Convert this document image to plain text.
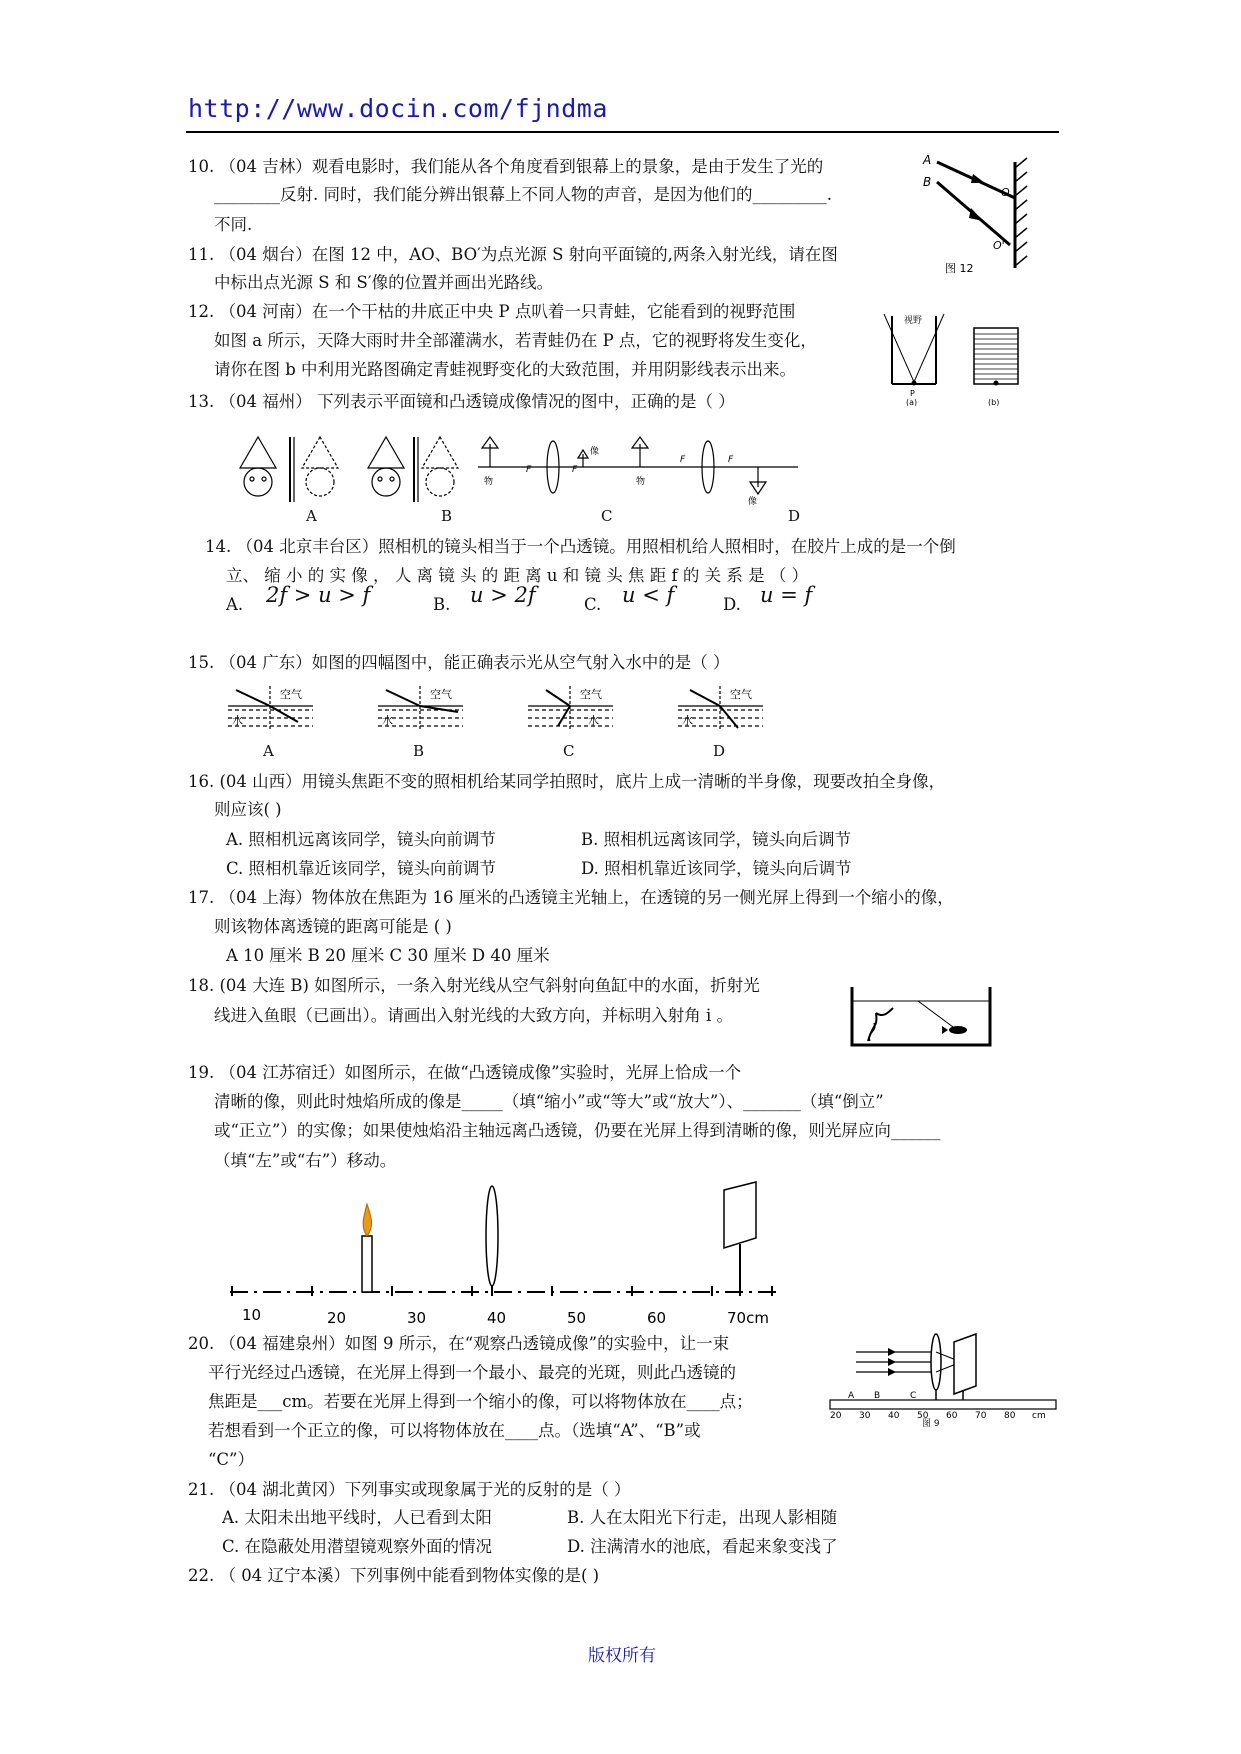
http://www.docin.com/fjndma
10. （04 吉林）观看电影时，我们能从各个角度看到银幕上的景象，是由于发生了光的
________反射. 同时，我们能分辨出银幕上不同人物的声音，是因为他们的_________.
不同.
A
B
O
O'
图 12
11. （04 烟台）在图 12 中，AO、BO′为点光源 S 射向平面镜的,两条入射光线，请在图
中标出点光源 S 和 S′像的位置并画出光路线。
12. （04 河南）在一个干枯的井底正中央 P 点叭着一只青蛙，它能看到的视野范围
如图 a 所示，天降大雨时井全部灌满水，若青蛙仍在 P 点，它的视野将发生变化，
请你在图 b 中利用光路图确定青蛙视野变化的大致范围，并用阴影线表示出来。
视野
P
(a)	(b)
13. （04 福州） 下列表示平面镜和凸透镜成像情况的图中，正确的是（ ）
物
F	F
像
物
F	F
像
A	B	C	D
14. （04 北京丰台区）照相机的镜头相当于一个凸透镜。用照相机给人照相时，在胶片上成的是一个倒
立、 缩 小 的 实 像 ， 人 离 镜 头 的 距 离 u 和 镜 头 焦 距 f 的 关 系 是 （ ）
A. 2f > u > f	B. u > 2f	C. u < f	D. u = f
15. （04 广东）如图的四幅图中，能正确表示光从空气射入水中的是（ ）
空气
水
空气
水
空气
水
空气
水
A	B	C	D
16. (04 山西）用镜头焦距不变的照相机给某同学拍照时，底片上成一清晰的半身像，现要改拍全身像，
则应该( )
A. 照相机远离该同学，镜头向前调节	B. 照相机远离该同学，镜头向后调节
C. 照相机靠近该同学，镜头向前调节	D. 照相机靠近该同学，镜头向后调节
17. （04 上海）物体放在焦距为 16 厘米的凸透镜主光轴上，在透镜的另一侧光屏上得到一个缩小的像，
则该物体离透镜的距离可能是 ( )
A 10 厘米 B 20 厘米 C 30 厘米 D 40 厘米
18. (04 大连 B) 如图所示，一条入射光线从空气斜射向鱼缸中的水面，折射光
线进入鱼眼（已画出）。请画出入射光线的大致方向，并标明入射角 i 。
19. （04 江苏宿迁）如图所示，在做“凸透镜成像”实验时，光屏上恰成一个
清晰的像，则此时烛焰所成的像是_____（填“缩小”或“等大”或“放大”）、_______（填“倒立”
或“正立”）的实像；如果使烛焰沿主轴远离凸透镜，仍要在光屏上得到清晰的像，则光屏应向______
（填“左”或“右”）移动。
10	20	30	40	50	60	70cm
20. （04 福建泉州）如图 9 所示，在“观察凸透镜成像”的实验中，让一束
平行光经过凸透镜，在光屏上得到一个最小、最亮的光斑，则此凸透镜的
焦距是___cm。若要在光屏上得到一个缩小的像，可以将物体放在____点；
若想看到一个正立的像，可以将物体放在____点。（选填“A”、“B”或
“C”）
20 30 40 50 60 70 80 cm
A B	C
图 9
21. （04 湖北黄冈）下列事实或现象属于光的反射的是（ ）
A. 太阳未出地平线时，人已看到太阳	B. 人在太阳光下行走，出现人影相随
C. 在隐蔽处用潜望镜观察外面的情况	D. 注满清水的池底，看起来象变浅了
22. （ 04 辽宁本溪）下列事例中能看到物体实像的是( )
版权所有
